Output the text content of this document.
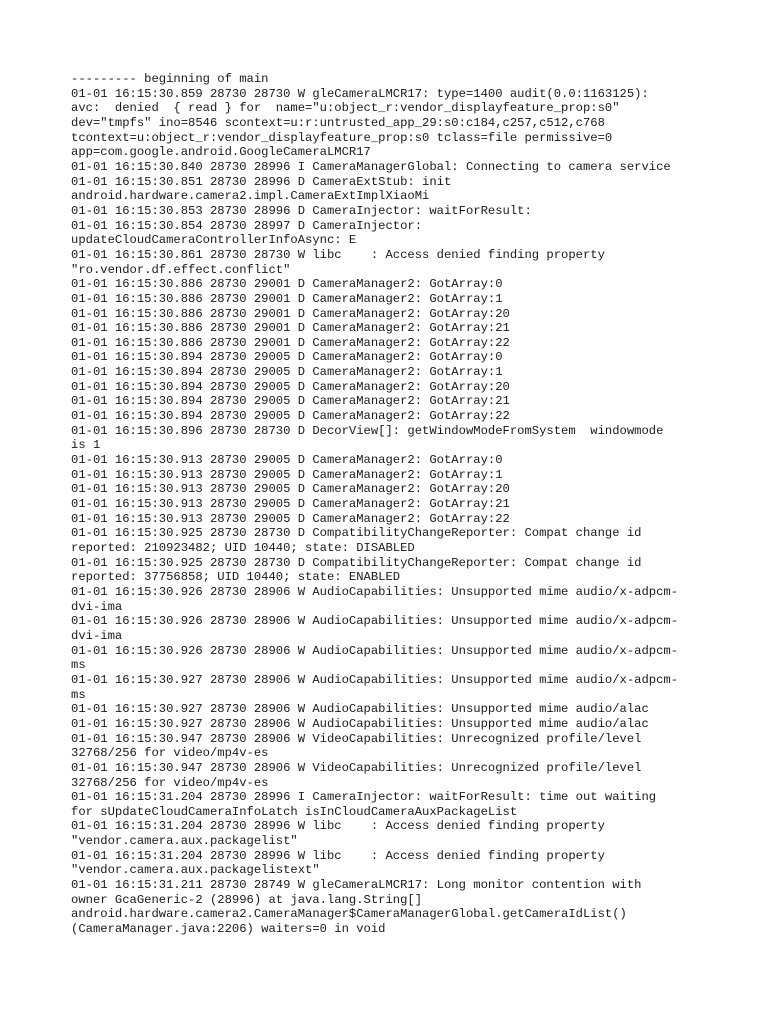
--------- beginning of main
01-01 16:15:30.859 28730 28730 W gleCameraLMCR17: type=1400 audit(0.0:1163125):
avc:  denied  { read } for  name="u:object_r:vendor_displayfeature_prop:s0"
dev="tmpfs" ino=8546 scontext=u:r:untrusted_app_29:s0:c184,c257,c512,c768
tcontext=u:object_r:vendor_displayfeature_prop:s0 tclass=file permissive=0
app=com.google.android.GoogleCameraLMCR17
01-01 16:15:30.840 28730 28996 I CameraManagerGlobal: Connecting to camera service
01-01 16:15:30.851 28730 28996 D CameraExtStub: init
android.hardware.camera2.impl.CameraExtImplXiaoMi
01-01 16:15:30.853 28730 28996 D CameraInjector: waitForResult:
01-01 16:15:30.854 28730 28997 D CameraInjector:
updateCloudCameraControllerInfoAsync: E
01-01 16:15:30.861 28730 28730 W libc    : Access denied finding property
"ro.vendor.df.effect.conflict"
01-01 16:15:30.886 28730 29001 D CameraManager2: GotArray:0
01-01 16:15:30.886 28730 29001 D CameraManager2: GotArray:1
01-01 16:15:30.886 28730 29001 D CameraManager2: GotArray:20
01-01 16:15:30.886 28730 29001 D CameraManager2: GotArray:21
01-01 16:15:30.886 28730 29001 D CameraManager2: GotArray:22
01-01 16:15:30.894 28730 29005 D CameraManager2: GotArray:0
01-01 16:15:30.894 28730 29005 D CameraManager2: GotArray:1
01-01 16:15:30.894 28730 29005 D CameraManager2: GotArray:20
01-01 16:15:30.894 28730 29005 D CameraManager2: GotArray:21
01-01 16:15:30.894 28730 29005 D CameraManager2: GotArray:22
01-01 16:15:30.896 28730 28730 D DecorView[]: getWindowModeFromSystem  windowmode
is 1
01-01 16:15:30.913 28730 29005 D CameraManager2: GotArray:0
01-01 16:15:30.913 28730 29005 D CameraManager2: GotArray:1
01-01 16:15:30.913 28730 29005 D CameraManager2: GotArray:20
01-01 16:15:30.913 28730 29005 D CameraManager2: GotArray:21
01-01 16:15:30.913 28730 29005 D CameraManager2: GotArray:22
01-01 16:15:30.925 28730 28730 D CompatibilityChangeReporter: Compat change id
reported: 210923482; UID 10440; state: DISABLED
01-01 16:15:30.925 28730 28730 D CompatibilityChangeReporter: Compat change id
reported: 37756858; UID 10440; state: ENABLED
01-01 16:15:30.926 28730 28906 W AudioCapabilities: Unsupported mime audio/x-adpcm-
dvi-ima
01-01 16:15:30.926 28730 28906 W AudioCapabilities: Unsupported mime audio/x-adpcm-
dvi-ima
01-01 16:15:30.926 28730 28906 W AudioCapabilities: Unsupported mime audio/x-adpcm-
ms
01-01 16:15:30.927 28730 28906 W AudioCapabilities: Unsupported mime audio/x-adpcm-
ms
01-01 16:15:30.927 28730 28906 W AudioCapabilities: Unsupported mime audio/alac
01-01 16:15:30.927 28730 28906 W AudioCapabilities: Unsupported mime audio/alac
01-01 16:15:30.947 28730 28906 W VideoCapabilities: Unrecognized profile/level
32768/256 for video/mp4v-es
01-01 16:15:30.947 28730 28906 W VideoCapabilities: Unrecognized profile/level
32768/256 for video/mp4v-es
01-01 16:15:31.204 28730 28996 I CameraInjector: waitForResult: time out waiting
for sUpdateCloudCameraInfoLatch isInCloudCameraAuxPackageList
01-01 16:15:31.204 28730 28996 W libc    : Access denied finding property
"vendor.camera.aux.packagelist"
01-01 16:15:31.204 28730 28996 W libc    : Access denied finding property
"vendor.camera.aux.packagelistext"
01-01 16:15:31.211 28730 28749 W gleCameraLMCR17: Long monitor contention with
owner GcaGeneric-2 (28996) at java.lang.String[]
android.hardware.camera2.CameraManager$CameraManagerGlobal.getCameraIdList()
(CameraManager.java:2206) waiters=0 in void
